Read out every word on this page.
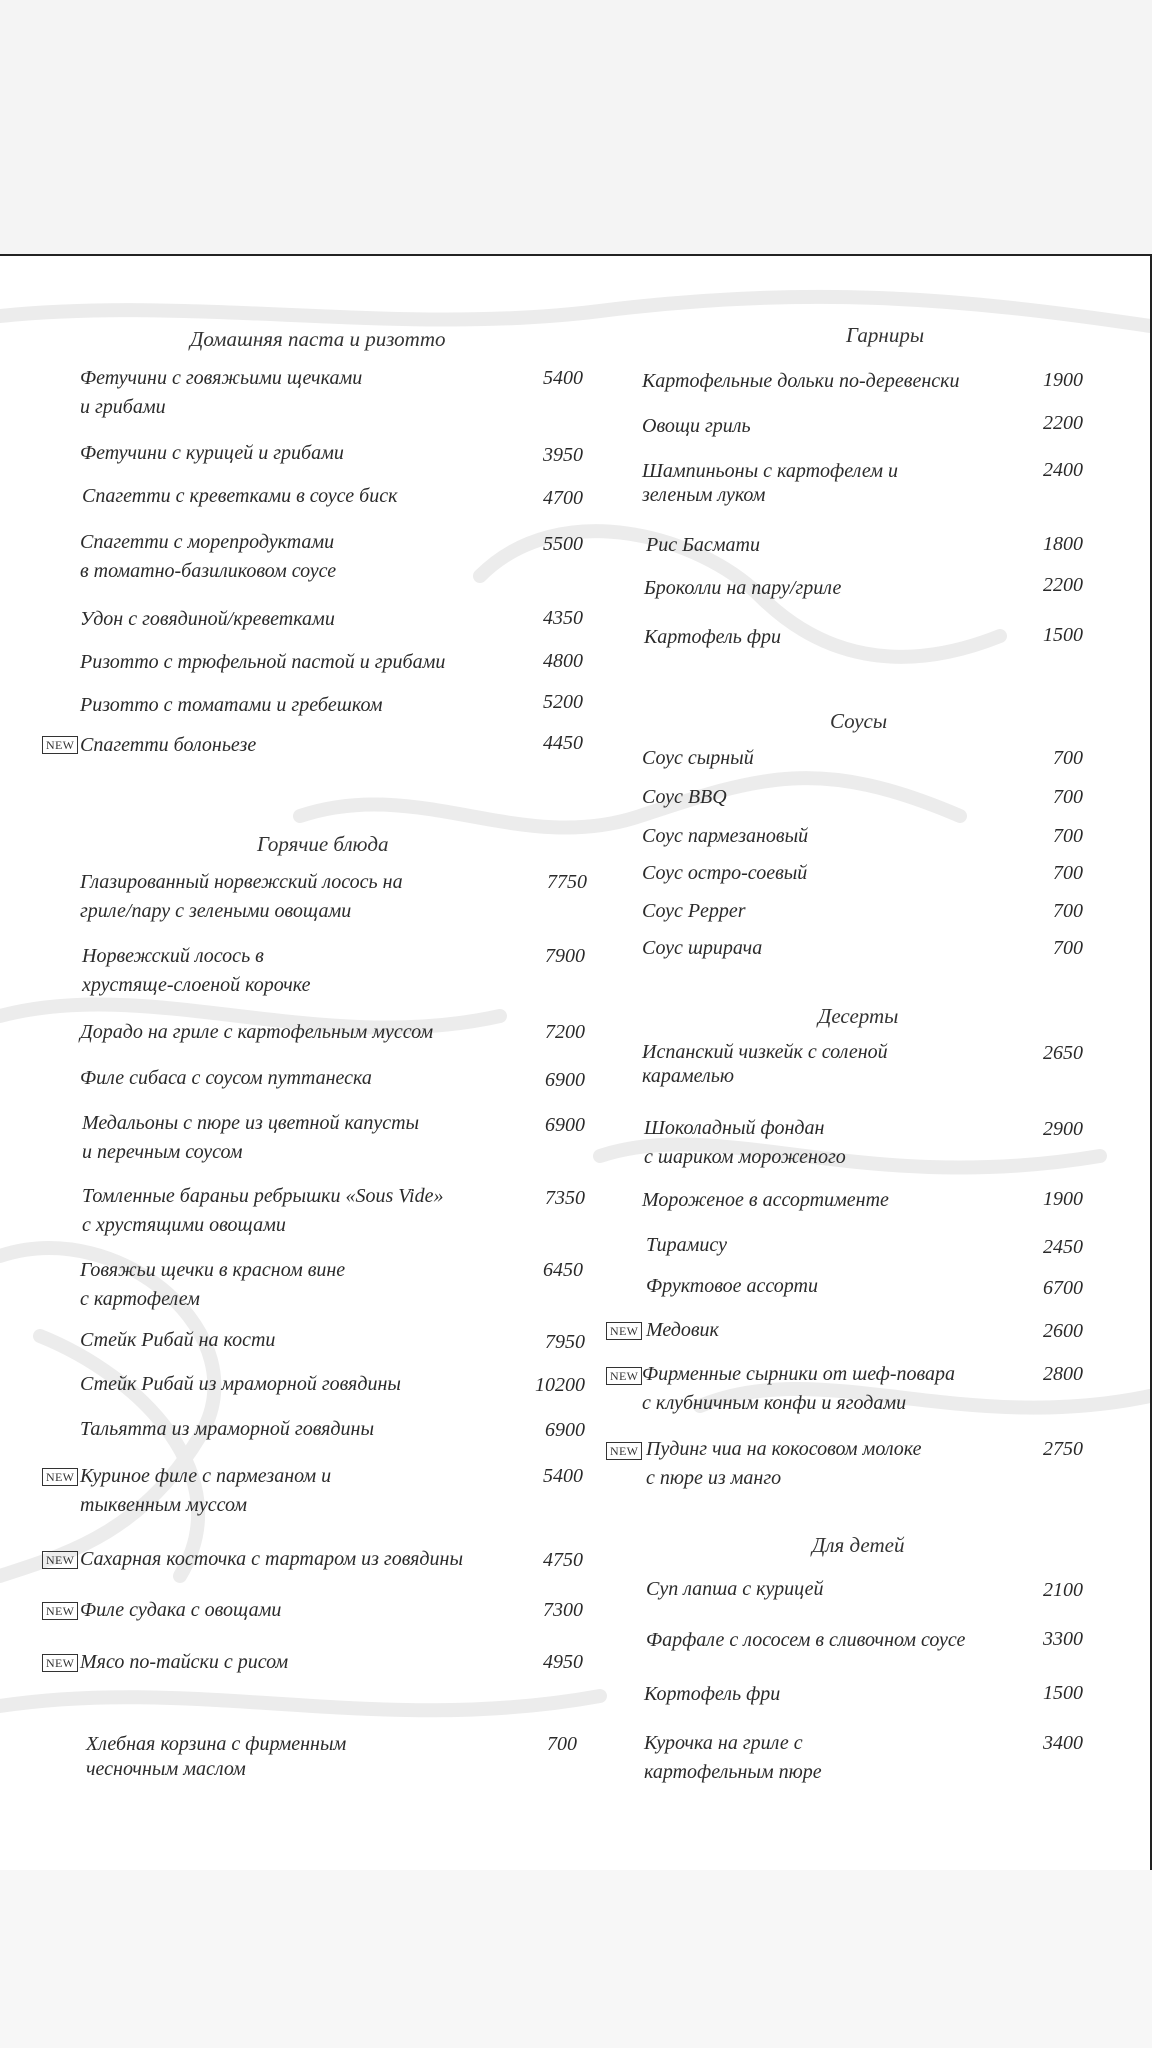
Домашняя паста и ризотто
Фетучини с говяжьими щечками
и грибами
5400
Фетучини с курицей и грибами	3950
Спагетти с креветками в соусе биск	4700
Спагетти с морепродуктами
в томатно-базиликовом соусе
5500
Удон с говядиной/креветками	4350
Ризотто с трюфельной пастой и грибами	4800
Ризотто с томатами и гребешком	5200
NEW Спагетти болоньезе	4450
Горячие блюда
Глазированный норвежский лосось на
гриле/пару с зелеными овощами
7750
Норвежский лосось в
хрустяще-слоеной корочке
7900
Дорадо на гриле с картофельным муссом	7200
Филе сибаса с соусом путтанеска	6900
Медальоны с пюре из цветной капусты
и перечным соусом
6900
Томленные бараньи ребрышки «Sous Vide»
с хрустящими овощами
7350
Говяжьи щечки в красном вине
с картофелем
6450
Стейк Рибай на кости	7950
Стейк Рибай из мраморной говядины	10200
Тальятта из мраморной говядины	6900
NEW Куриное филе с пармезаном и
тыквенным муссом
5400
NEW Сахарная косточка с тартаром из говядины	4750
NEW Филе судака с овощами	7300
NEW Мясо по-тайски с рисом	4950
Хлебная корзина с фирменным
чесночным маслом
700
Гарниры
Картофельные дольки по-деревенски	1900
Овощи гриль	2200
Шампиньоны с картофелем и
зеленым луком
2400
Рис Басмати	1800
Броколли на пару/гриле	2200
Картофель фри	1500
Соусы
Соус сырный	700
Соус BBQ	700
Соус пармезановый	700
Соус остро-соевый	700
Соус Pepper	700
Соус шрирача	700
Десерты
Испанский чизкейк с соленой
карамелью
2650
Шоколадный фондан
с шариком мороженого
2900
Мороженое в ассортименте	1900
Тирамису	2450
Фруктовое ассорти	6700
NEW Медовик	2600
NEW Фирменные сырники от шеф-повара
с клубничным конфи и ягодами
2800
NEW Пудинг чиа на кокосовом молоке
с пюре из манго
2750
Для детей
Суп лапша с курицей	2100
Фарфале с лососем в сливочном соусе	3300
Кортофель фри	1500
Курочка на гриле с
картофельным пюре
3400
